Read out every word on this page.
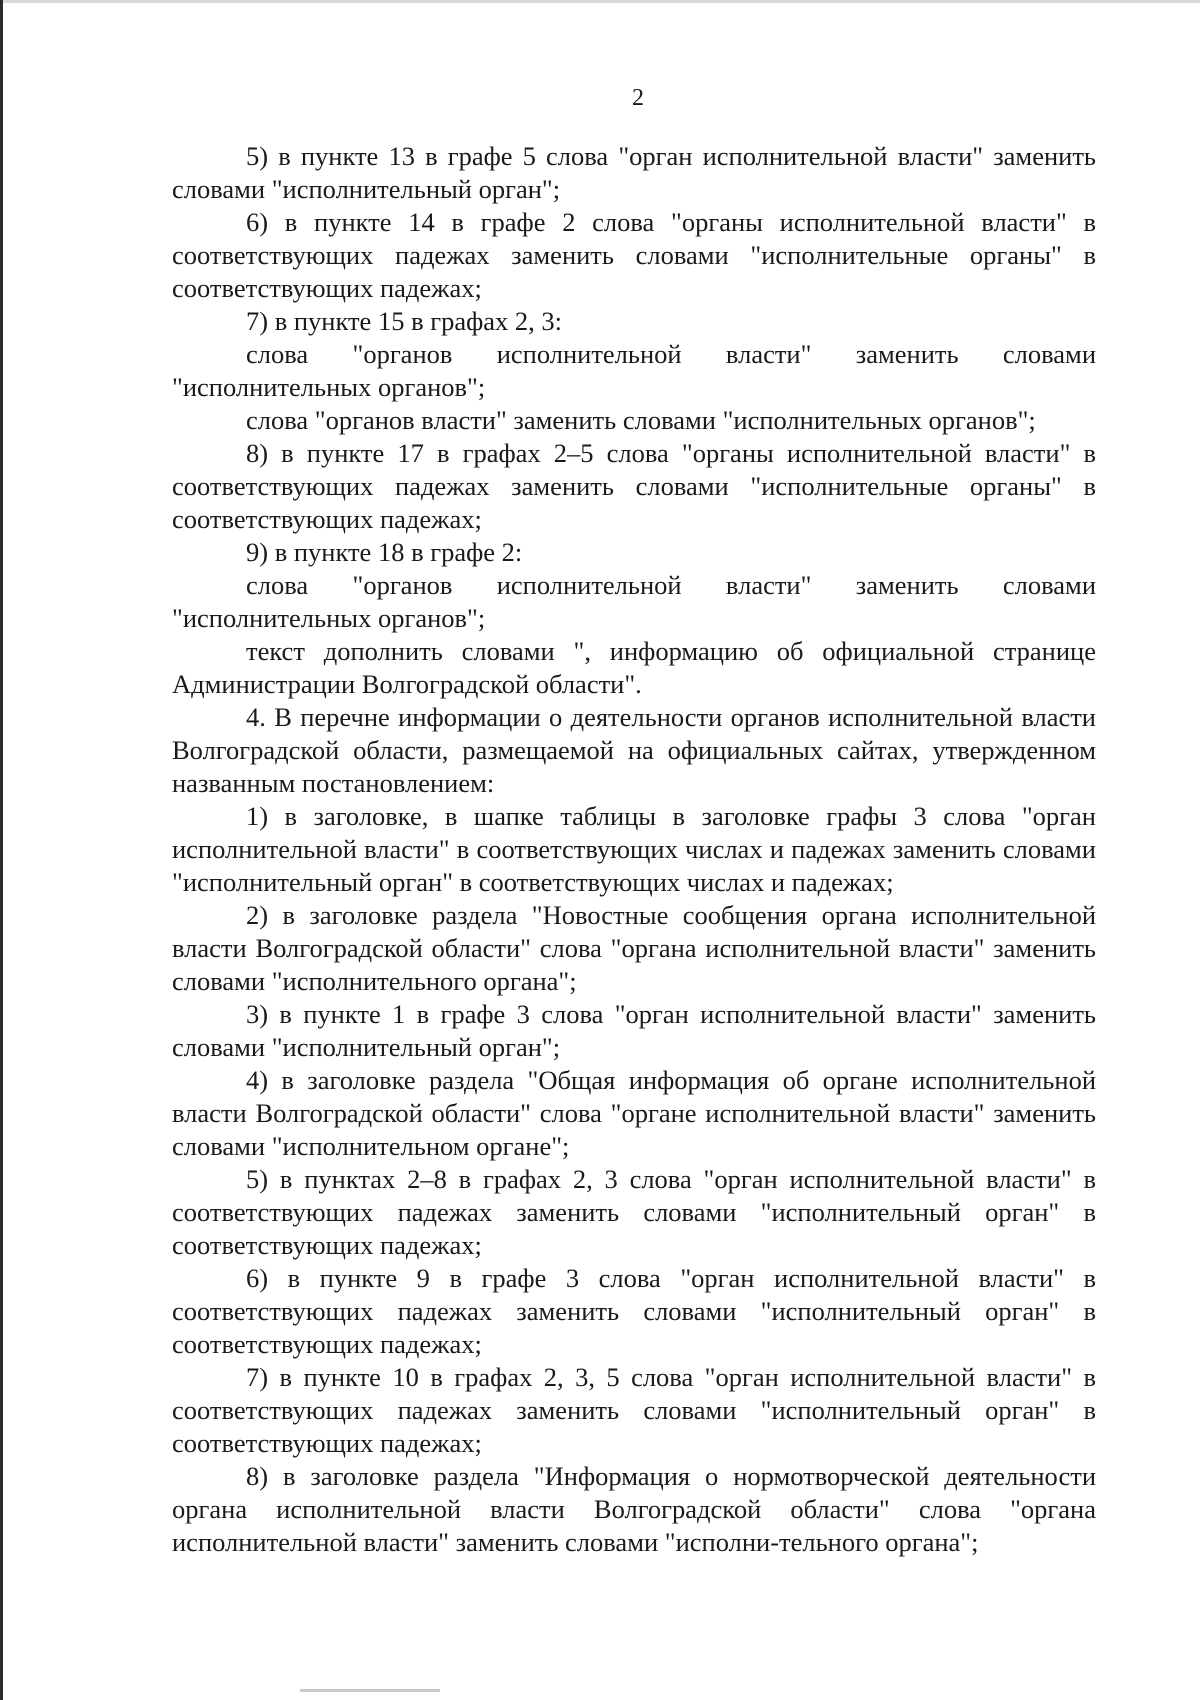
2

5) в пункте 13 в графе 5 слова "орган исполнительной власти" заменить словами "исполнительный орган";

6) в пункте 14 в графе 2 слова "органы исполнительной власти" в соответствующих падежах заменить словами "исполнительные органы" в соответствующих падежах;

7) в пункте 15 в графах 2, 3:

слова "органов исполнительной власти" заменить словами "исполнительных органов";

слова "органов власти" заменить словами "исполнительных органов";

8) в пункте 17 в графах 2–5 слова "органы исполнительной власти" в соответствующих падежах заменить словами "исполнительные органы" в соответствующих падежах;

9) в пункте 18 в графе 2:

слова "органов исполнительной власти" заменить словами "исполнительных органов";

текст дополнить словами ", информацию об официальной странице Администрации Волгоградской области".

4. В перечне информации о деятельности органов исполнительной власти Волгоградской области, размещаемой на официальных сайтах, утвержденном названным постановлением:

1) в заголовке, в шапке таблицы в заголовке графы 3 слова "орган исполнительной власти" в соответствующих числах и падежах заменить словами "исполнительный орган" в соответствующих числах и падежах;

2) в заголовке раздела "Новостные сообщения органа исполнительной власти Волгоградской области" слова "органа исполнительной власти" заменить словами "исполнительного органа";

3) в пункте 1 в графе 3 слова "орган исполнительной власти" заменить словами "исполнительный орган";

4) в заголовке раздела "Общая информация об органе исполнительной власти Волгоградской области" слова "органе исполнительной власти" заменить словами "исполнительном органе";

5) в пунктах 2–8 в графах 2, 3 слова "орган исполнительной власти" в соответствующих падежах заменить словами "исполнительный орган" в соответствующих падежах;

6) в пункте 9 в графе 3 слова "орган исполнительной власти" в соответствующих падежах заменить словами "исполнительный орган" в соответствующих падежах;

7) в пункте 10 в графах 2, 3, 5 слова "орган исполнительной власти" в соответствующих падежах заменить словами "исполнительный орган" в соответствующих падежах;

8) в заголовке раздела "Информация о нормотворческой деятельности органа исполнительной власти Волгоградской области" слова "органа исполнительной власти" заменить словами "исполни-тельного органа";
